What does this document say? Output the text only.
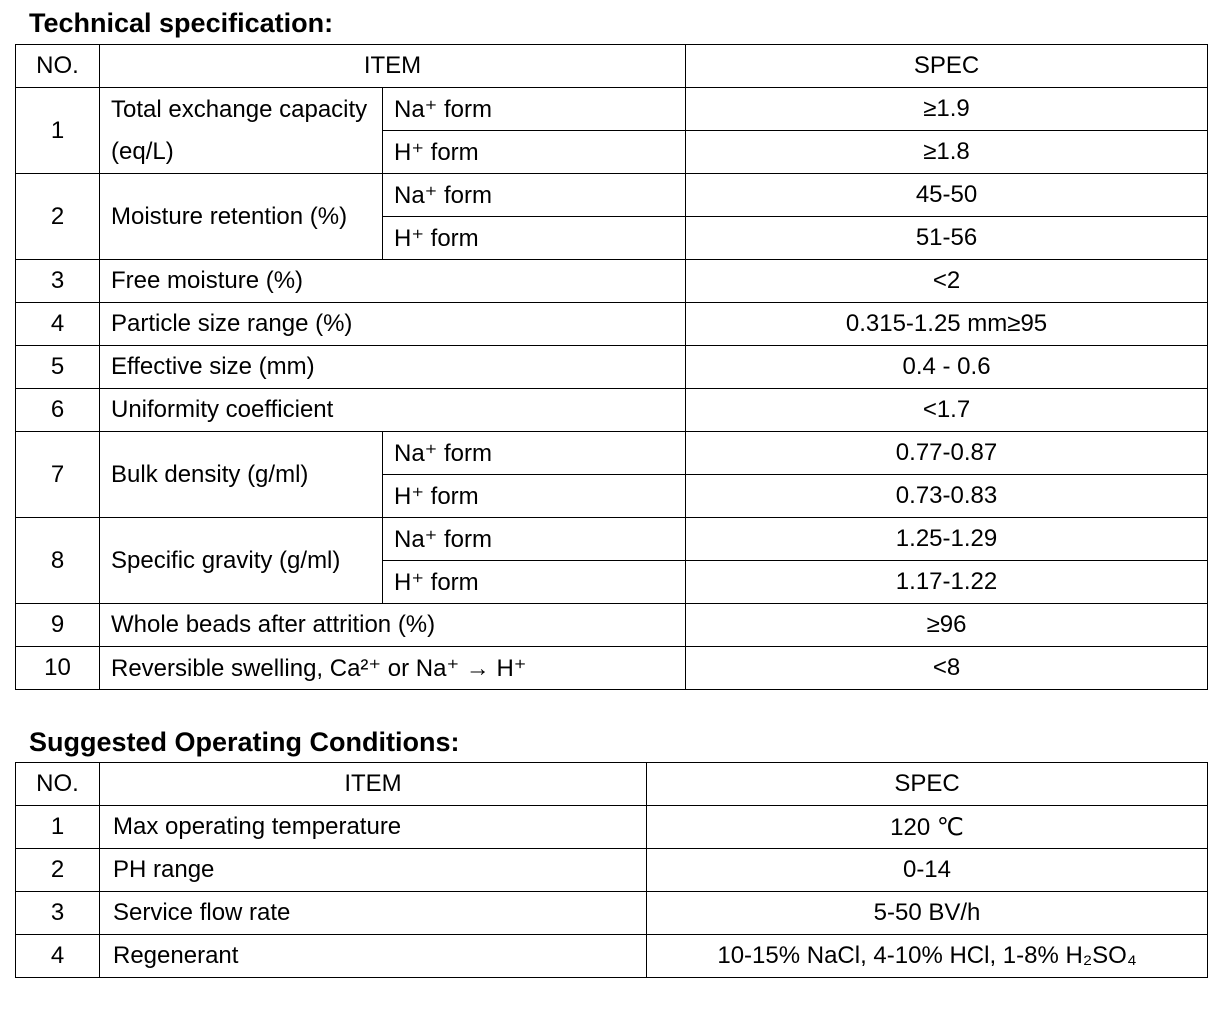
Technical specification:
NO.	ITEM		SPEC
1	Total exchange capacity (eq/L)	Na⁺ form	≥1.9
		H⁺ form	≥1.8
2	Moisture retention (%)	Na⁺ form	45-50
		H⁺ form	51-56
3	Free moisture (%)		<2
4	Particle size range (%)		0.315-1.25 mm≥95
5	Effective size (mm)		0.4 - 0.6
6	Uniformity coefficient		<1.7
7	Bulk density (g/ml)	Na⁺ form	0.77-0.87
		H⁺ form	0.73-0.83
8	Specific gravity (g/ml)	Na⁺ form	1.25-1.29
		H⁺ form	1.17-1.22
9	Whole beads after attrition (%)		≥96
10	Reversible swelling, Ca²⁺ or Na⁺ → H⁺		<8
Suggested Operating Conditions:
NO.	ITEM	SPEC
1	Max operating temperature	120 ℃
2	PH range	0-14
3	Service flow rate	5-50 BV/h
4	Regenerant	10-15% NaCl, 4-10% HCl, 1-8% H₂SO₄
